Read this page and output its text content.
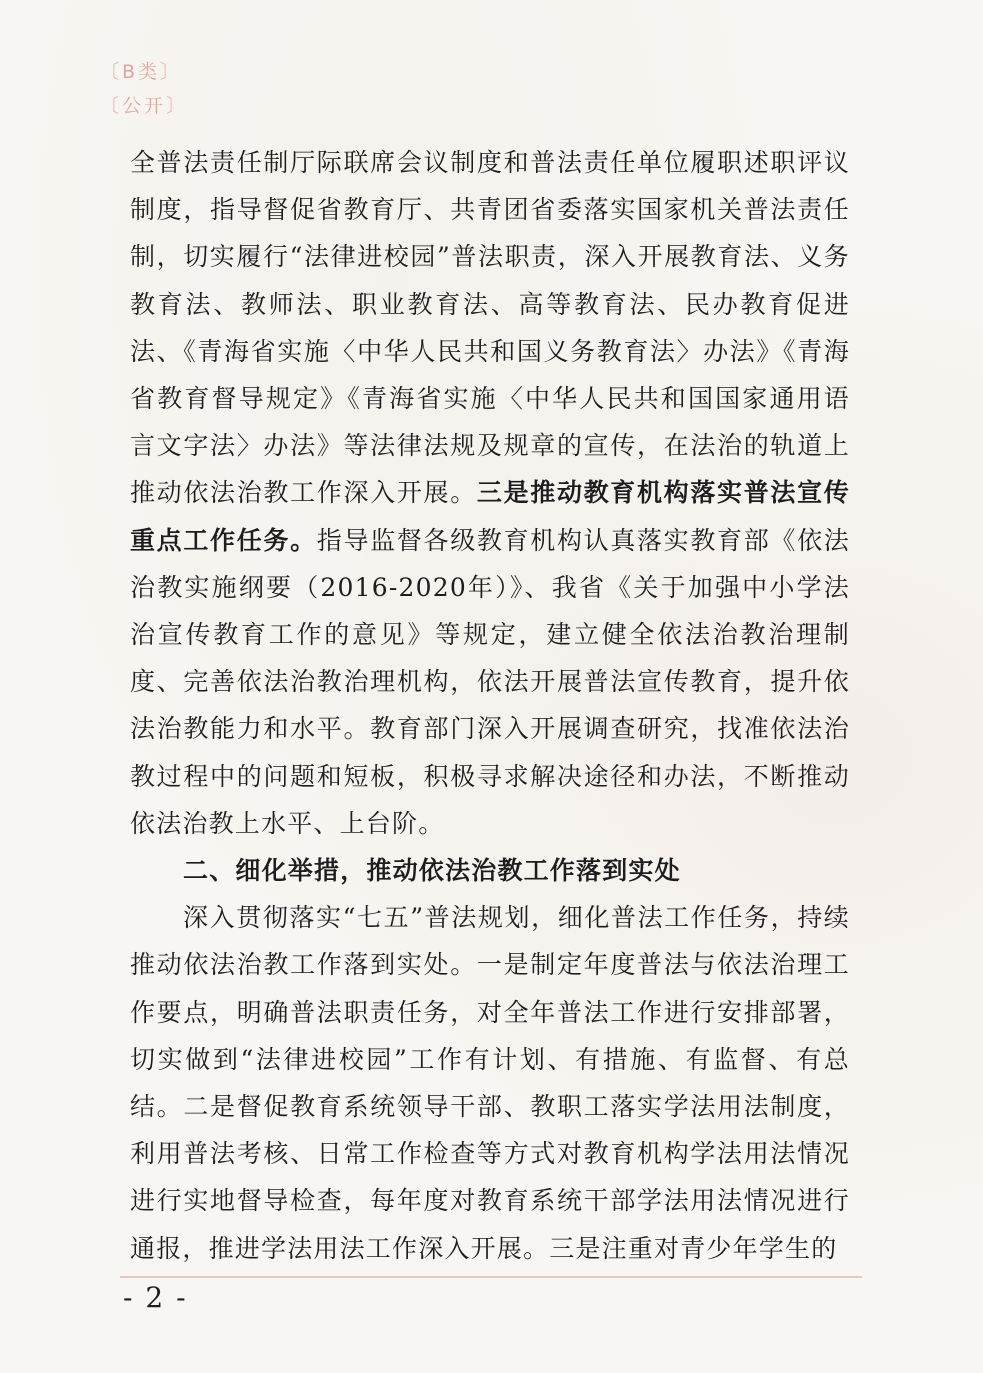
〔B类〕
〔公开〕

全普法责任制厅际联席会议制度和普法责任单位履职述职评议制度，指导督促省教育厅、共青团省委落实国家机关普法责任制，切实履行“法律进校园”普法职责，深入开展教育法、义务教育法、教师法、职业教育法、高等教育法、民办教育促进法、《青海省实施〈中华人民共和国义务教育法〉办法》《青海省教育督导规定》《青海省实施〈中华人民共和国国家通用语言文字法〉办法》等法律法规及规章的宣传，在法治的轨道上推动依法治教工作深入开展。三是推动教育机构落实普法宣传重点工作任务。指导监督各级教育机构认真落实教育部《依法治教实施纲要（2016-2020年）》、我省《关于加强中小学法治宣传教育工作的意见》等规定，建立健全依法治教治理制度、完善依法治教治理机构，依法开展普法宣传教育，提升依法治教能力和水平。教育部门深入开展调查研究，找准依法治教过程中的问题和短板，积极寻求解决途径和办法，不断推动依法治教上水平、上台阶。

二、细化举措，推动依法治教工作落到实处

深入贯彻落实“七五”普法规划，细化普法工作任务，持续推动依法治教工作落到实处。一是制定年度普法与依法治理工作要点，明确普法职责任务，对全年普法工作进行安排部署，切实做到“法律进校园”工作有计划、有措施、有监督、有总结。二是督促教育系统领导干部、教职工落实学法用法制度，利用普法考核、日常工作检查等方式对教育机构学法用法情况进行实地督导检查，每年度对教育系统干部学法用法情况进行通报，推进学法用法工作深入开展。三是注重对青少年学生的

- 2 -
